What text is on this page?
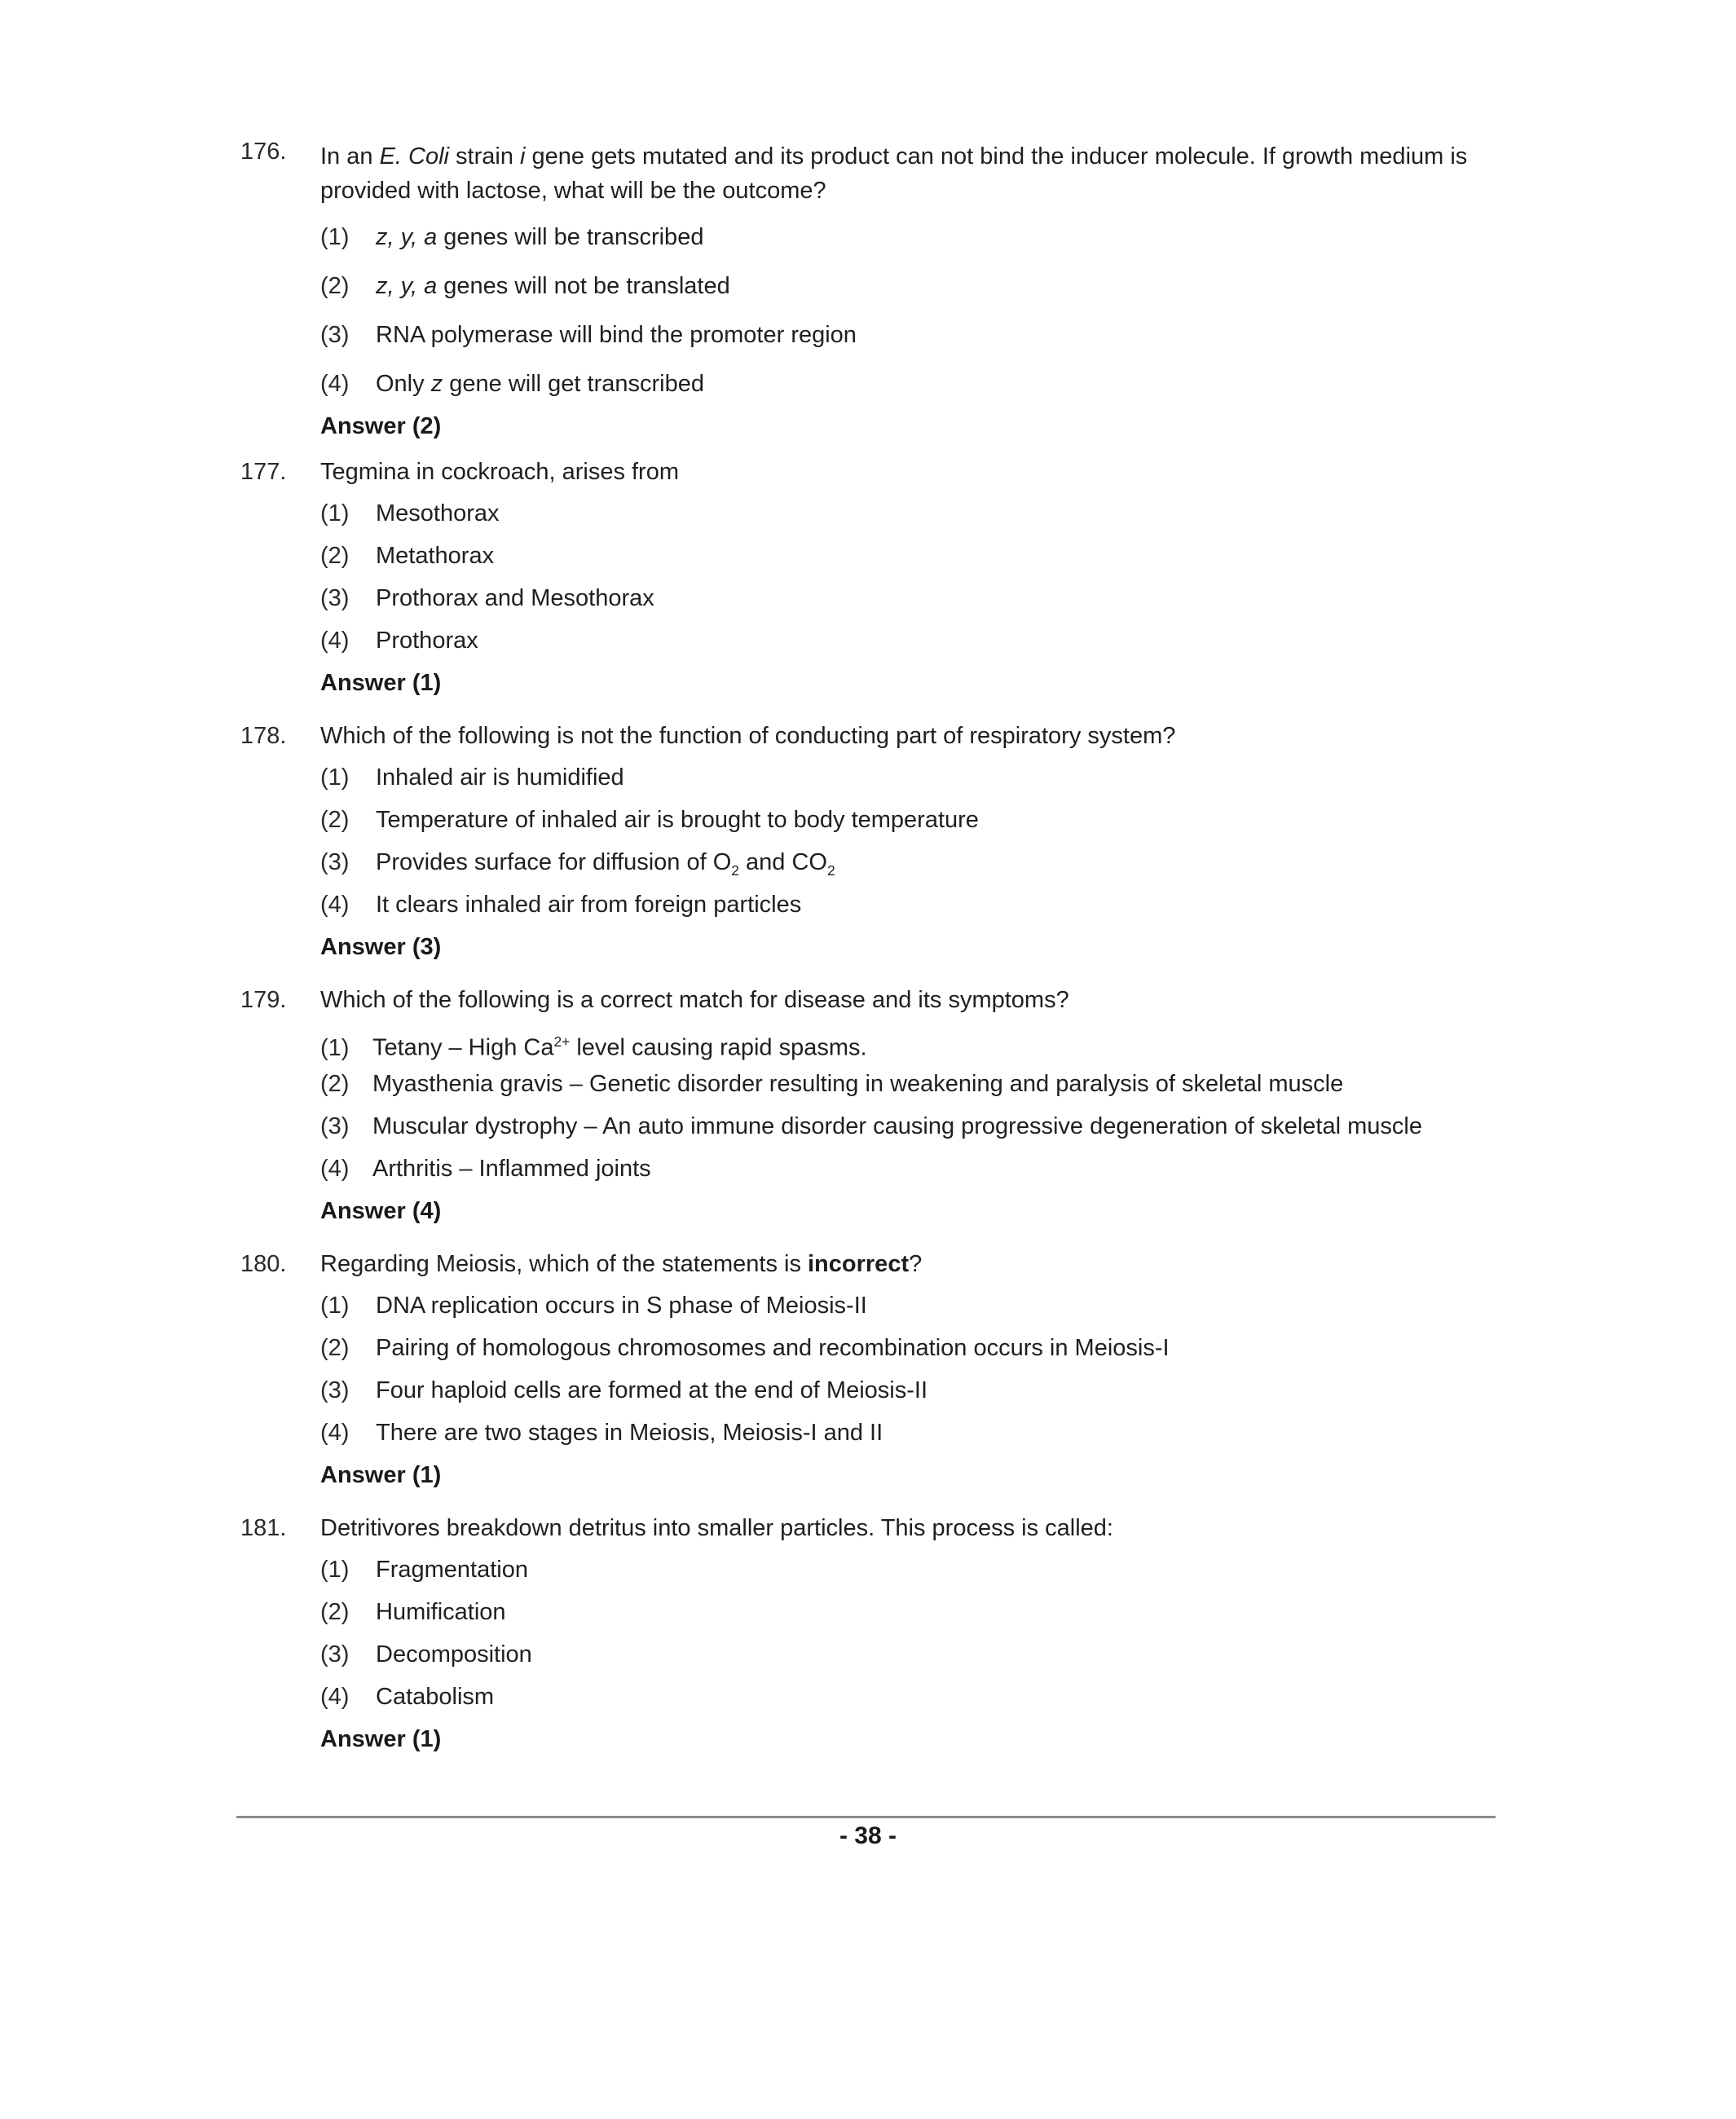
176.	In an E. Coli strain i gene gets mutated and its product can not bind the inducer molecule. If growth medium is provided with lactose, what will be the outcome?
(1) z, y, a genes will be transcribed
(2) z, y, a genes will not be translated
(3) RNA polymerase will bind the promoter region
(4) Only z gene will get transcribed
Answer (2)
177.	Tegmina in cockroach, arises from
(1) Mesothorax
(2) Metathorax
(3) Prothorax and Mesothorax
(4) Prothorax
Answer (1)
178.	Which of the following is not the function of conducting part of respiratory system?
(1) Inhaled air is humidified
(2) Temperature of inhaled air is brought to body temperature
(3) Provides surface for diffusion of $O_2$ and $CO_2$
(4) It clears inhaled air from foreign particles
Answer (3)
179.	Which of the following is a correct match for disease and its symptoms?
(1) Tetany – High $Ca^{2+}$ level causing rapid spasms.
(2) Myasthenia gravis – Genetic disorder resulting in weakening and paralysis of skeletal muscle
(3) Muscular dystrophy – An auto immune disorder causing progressive degeneration of skeletal muscle
(4) Arthritis – Inflammed joints
Answer (4)
180.	Regarding Meiosis, which of the statements is incorrect?
(1) DNA replication occurs in S phase of Meiosis-II
(2) Pairing of homologous chromosomes and recombination occurs in Meiosis-I
(3) Four haploid cells are formed at the end of Meiosis-II
(4) There are two stages in Meiosis, Meiosis-I and II
Answer (1)
181.	Detritivores breakdown detritus into smaller particles. This process is called:
(1) Fragmentation
(2) Humification
(3) Decomposition
(4) Catabolism
Answer (1)
- 38 -
